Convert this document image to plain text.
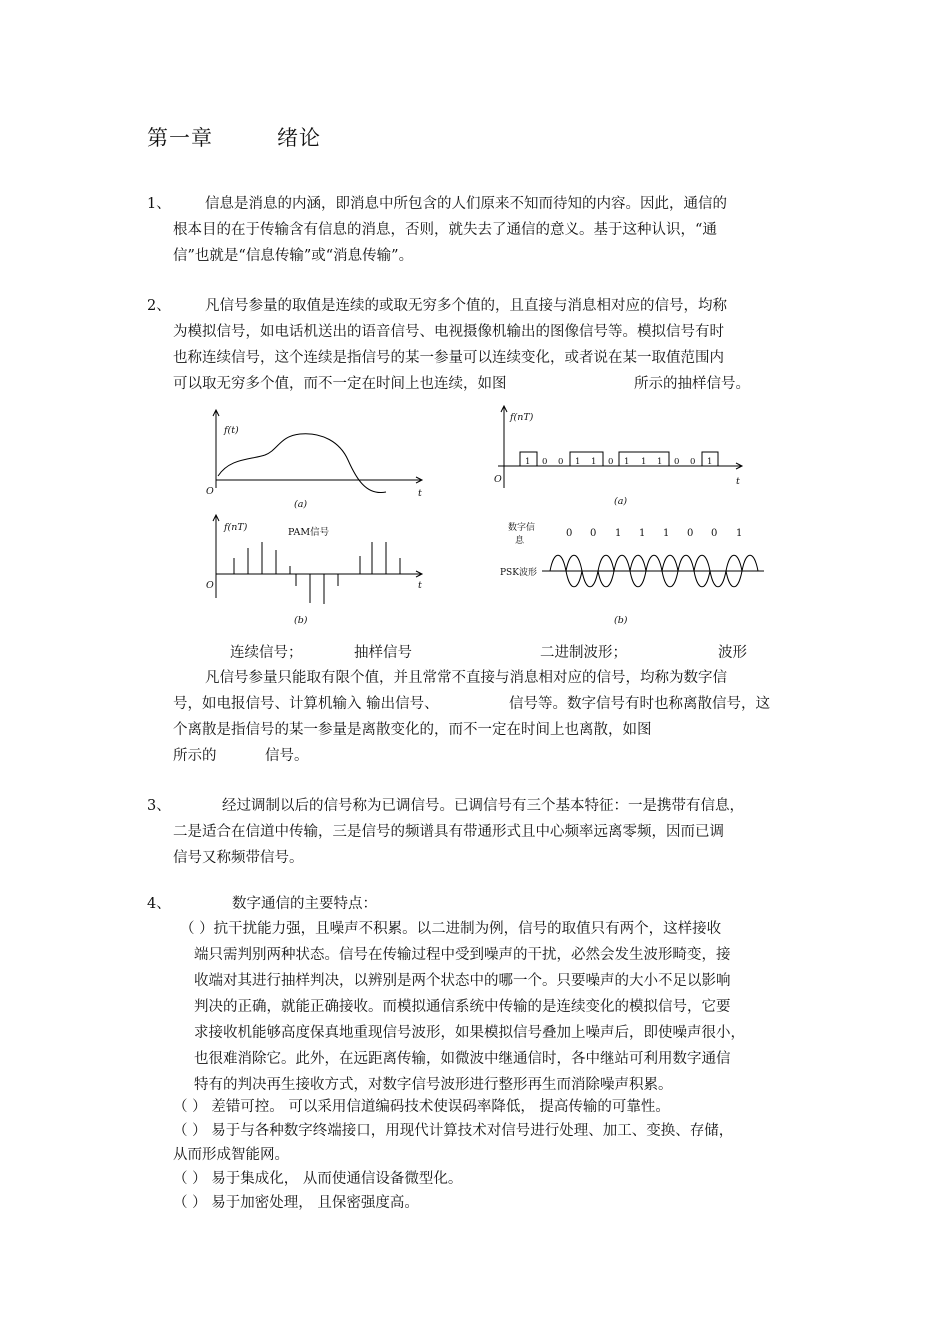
第一章	绪论
1、 信息是消息的内涵，即消息中所包含的人们原来不知而待知的内容。因此，通信的
根本目的在于传输含有信息的消息，否则，就失去了通信的意义。基于这种认识，“通
信”也就是“信息传输”或“消息传输”。
2、 凡信号参量的取值是连续的或取无穷多个值的，且直接与消息相对应的信号，均称
为模拟信号，如电话机送出的语音信号、电视摄像机输出的图像信号等。模拟信号有时
也称连续信号，这个连续是指信号的某一参量可以连续变化，或者说在某一取值范围内
可以取无穷多个值，而不一定在时间上也连续，如图	所示的抽样信号。
f(t)
O	t
(a)
f(nT)	PAM信号
O	t
(b)
f(nT)
O	t
(a)
1 0 0 1 1 0 1 1 1 0 0 1
数字信
息
PSK波形
(b)
0 0 1 1 1 0 0 1
连续信号；	抽样信号	二进制波形；	波形
凡信号参量只能取有限个值，并且常常不直接与消息相对应的信号，均称为数字信
号，如电报信号、计算机输入 输出信号、	信号等。数字信号有时也称离散信号，这
个离散是指信号的某一参量是离散变化的，而不一定在时间上也离散，如图
所示的	信号。
3、	经过调制以后的信号称为已调信号。已调信号有三个基本特征：一是携带有信息，
二是适合在信道中传输，三是信号的频谱具有带通形式且中心频率远离零频，因而已调
信号又称频带信号。
4、	数字通信的主要特点：
（ ）抗干扰能力强，且噪声不积累。以二进制为例，信号的取值只有两个，这样接收
端只需判别两种状态。信号在传输过程中受到噪声的干扰，必然会发生波形畸变，接
收端对其进行抽样判决，以辨别是两个状态中的哪一个。只要噪声的大小不足以影响
判决的正确，就能正确接收。而模拟通信系统中传输的是连续变化的模拟信号，它要
求接收机能够高度保真地重现信号波形，如果模拟信号叠加上噪声后，即使噪声很小，
也很难消除它。此外，在远距离传输，如微波中继通信时，各中继站可利用数字通信
特有的判决再生接收方式，对数字信号波形进行整形再生而消除噪声积累。
（ ） 差错可控。 可以采用信道编码技术使误码率降低， 提高传输的可靠性。
（ ） 易于与各种数字终端接口，用现代计算技术对信号进行处理、加工、变换、存储，
从而形成智能网。
（ ） 易于集成化， 从而使通信设备微型化。
（ ） 易于加密处理， 且保密强度高。
